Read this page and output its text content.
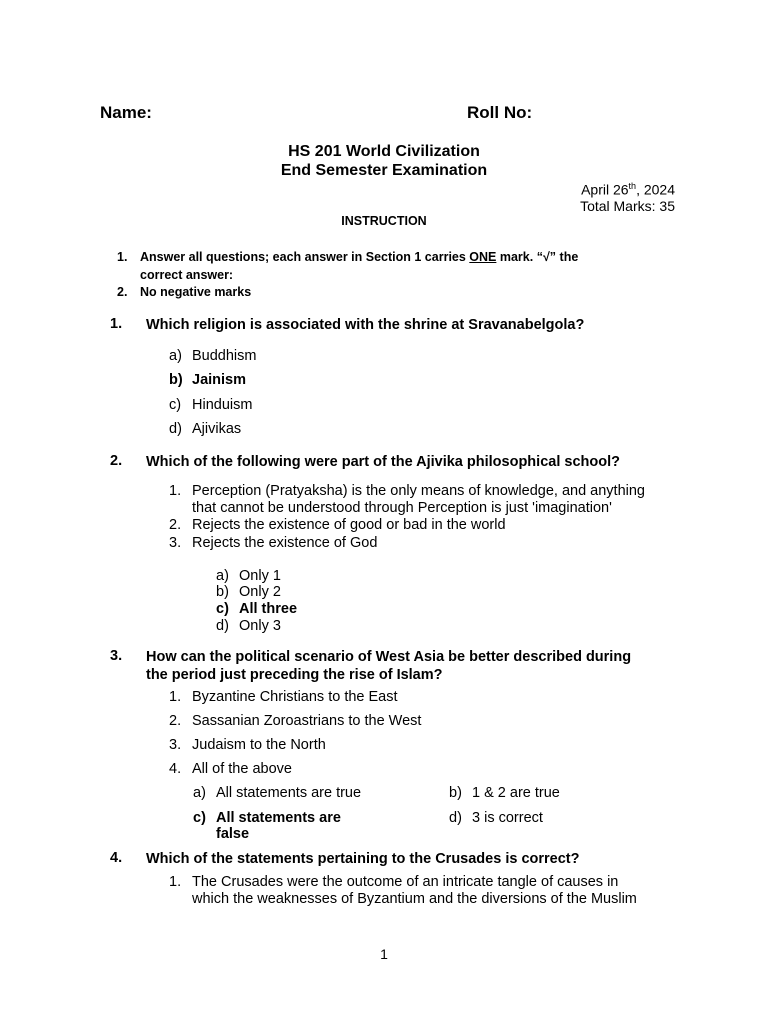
Name:	Roll No:
HS 201 World Civilization
End Semester Examination
April 26th, 2024
Total Marks: 35
INSTRUCTION
1. Answer all questions; each answer in Section 1 carries ONE mark. “√” the
correct answer:
2. No negative marks
1. Which religion is associated with the shrine at Sravanabelgola?
a) Buddhism
b) Jainism
c) Hinduism
d) Ajivikas
2. Which of the following were part of the Ajivika philosophical school?
1. Perception (Pratyaksha) is the only means of knowledge, and anything
that cannot be understood through Perception is just 'imagination'
2. Rejects the existence of good or bad in the world
3. Rejects the existence of God
a) Only 1
b) Only 2
c) All three
d) Only 3
3. How can the political scenario of West Asia be better described during
the period just preceding the rise of Islam?
1. Byzantine Christians to the East
2. Sassanian Zoroastrians to the West
3. Judaism to the North
4. All of the above
a) All statements are true	b) 1 & 2 are true
c) All statements are
false
d) 3 is correct
4. Which of the statements pertaining to the Crusades is correct?
1. The Crusades were the outcome of an intricate tangle of causes in
which the weaknesses of Byzantium and the diversions of the Muslim
1
